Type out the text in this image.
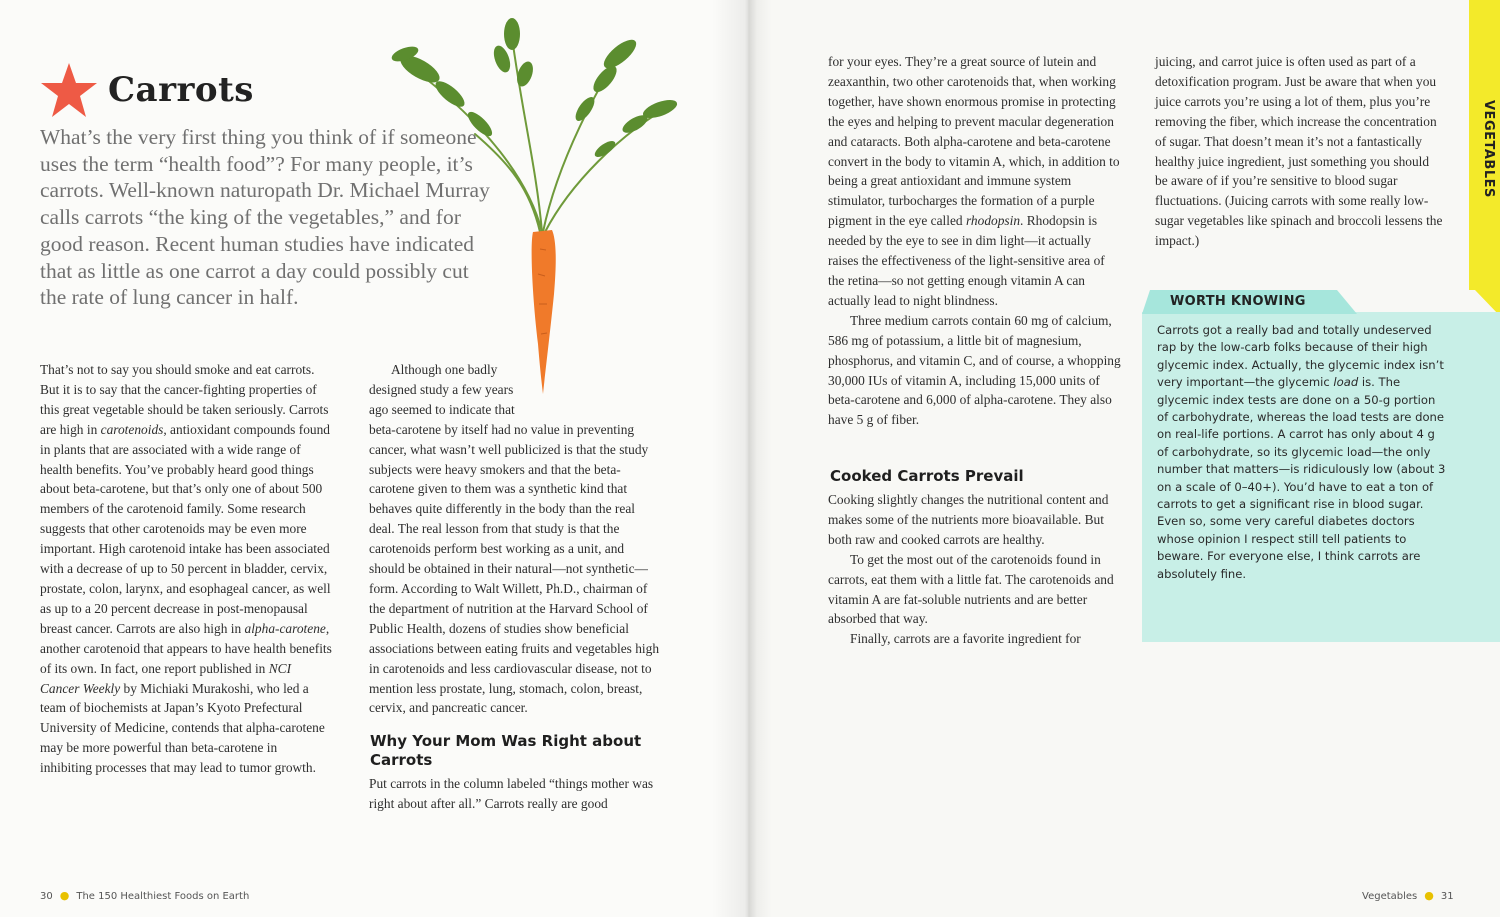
Carrots

What’s the very first thing you think of if someone uses the term “health food”? For many people, it’s carrots. Well-known naturopath Dr. Michael Murray calls carrots “the king of the vegetables,” and for good reason. Recent human studies have indicated that as little as one carrot a day could possibly cut the rate of lung cancer in half.

That’s not to say you should smoke and eat carrots. But it is to say that the cancer-fighting properties of this great vegetable should be taken seriously. Carrots are high in carotenoids, antioxidant compounds found in plants that are associated with a wide range of health benefits. You’ve probably heard good things about beta-carotene, but that’s only one of about 500 members of the carotenoid family. Some research suggests that other carotenoids may be even more important. High carotenoid intake has been associated with a decrease of up to 50 percent in bladder, cervix, prostate, colon, larynx, and esophageal cancer, as well as up to a 20 percent decrease in post-menopausal breast cancer. Carrots are also high in alpha-carotene, another carotenoid that appears to have health benefits of its own. In fact, one report published in NCI Cancer Weekly by Michiaki Murakoshi, who led a team of biochemists at Japan’s Kyoto Prefectural University of Medicine, contends that alpha-carotene may be more powerful than beta-carotene in inhibiting processes that may lead to tumor growth.

Although one badly
designed study a few years
ago seemed to indicate that

beta-carotene by itself had no value in preventing cancer, what wasn’t well publicized is that the study subjects were heavy smokers and that the beta-carotene given to them was a synthetic kind that behaves quite differently in the body than the real deal. The real lesson from that study is that the carotenoids perform best working as a unit, and should be obtained in their natural—not synthetic—form. According to Walt Willett, Ph.D., chairman of the department of nutrition at the Harvard School of Public Health, dozens of studies show beneficial associations between eating fruits and vegetables high in carotenoids and less cardiovascular disease, not to mention less prostate, lung, stomach, colon, breast, cervix, and pancreatic cancer.

Why Your Mom Was Right about Carrots

Put carrots in the column labeled “things mother was right about after all.” Carrots really are good

30 ● The 150 Healthiest Foods on Earth

for your eyes. They’re a great source of lutein and zeaxanthin, two other carotenoids that, when working together, have shown enormous promise in protecting the eyes and helping to prevent macular degeneration and cataracts. Both alpha-carotene and beta-carotene convert in the body to vitamin A, which, in addition to being a great antioxidant and immune system stimulator, turbocharges the formation of a purple pigment in the eye called rhodopsin. Rhodopsin is needed by the eye to see in dim light—it actually raises the effectiveness of the light-sensitive area of the retina—so not getting enough vitamin A can actually lead to night blindness.

Three medium carrots contain 60 mg of calcium, 586 mg of potassium, a little bit of magnesium, phosphorus, and vitamin C, and of course, a whopping 30,000 IUs of vitamin A, including 15,000 units of beta-carotene and 6,000 of alpha-carotene. They also have 5 g of fiber.

Cooked Carrots Prevail

Cooking slightly changes the nutritional content and makes some of the nutrients more bioavailable. But both raw and cooked carrots are healthy.

To get the most out of the carotenoids found in carrots, eat them with a little fat. The carotenoids and vitamin A are fat-soluble nutrients and are better absorbed that way.

Finally, carrots are a favorite ingredient for

juicing, and carrot juice is often used as part of a detoxification program. Just be aware that when you juice carrots you’re using a lot of them, plus you’re removing the fiber, which increase the concentration of sugar. That doesn’t mean it’s not a fantastically healthy juice ingredient, just something you should be aware of if you’re sensitive to blood sugar fluctuations. (Juicing carrots with some really low-sugar vegetables like spinach and broccoli lessens the impact.)

VEGETABLES
WORTH KNOWING

Carrots got a really bad and totally undeserved rap by the low-carb folks because of their high glycemic index. Actually, the glycemic index isn’t very important—the glycemic load is. The glycemic index tests are done on a 50-g portion of carbohydrate, whereas the load tests are done on real-life portions. A carrot has only about 4 g of carbohydrate, so its glycemic load—the only number that matters—is ridiculously low (about 3 on a scale of 0–40+). You’d have to eat a ton of carrots to get a significant rise in blood sugar. Even so, some very careful diabetes doctors whose opinion I respect still tell patients to beware. For everyone else, I think carrots are absolutely fine.

Vegetables ● 31
